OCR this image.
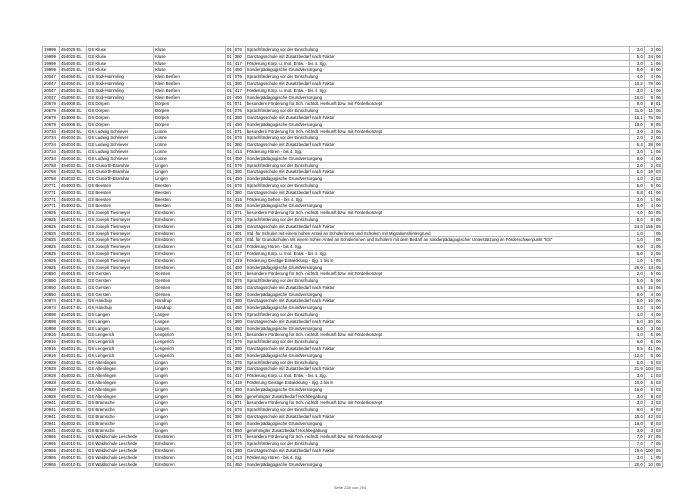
19999	454025 EL	GS Kluse	Kluse	01	076	Sprachförderung vor der Einschulung	3,0	3	06
19999	454025 EL	GS Kluse	Kluse	01	380	Ganztagsschule mit Zusatzbedarf nach Faktor	5,0	34	06
19999	454025 EL	GS Kluse	Kluse	01	417	Förderung Körp. u. mot. Entw. - bis 4. Sjg.	3,0	1	06
19999	454025 EL	GS Kluse	Kluse	01	450	Sonderpädagogische Grundversorgung	8,0	8	06
20047	454050 EL	GS Süd-Hümmling	Klein Berßen	01	076	Sprachförderung vor der Einschulung	4,0	4	06
20047	454050 EL	GS Süd-Hümmling	Klein Berßen	01	380	Ganztagsschule mit Zusatzbedarf nach Faktor	10,2	79	06
20047	454050 EL	GS Süd-Hümmling	Klein Berßen	01	417	Förderung Körp. u. mot. Entw. - bis 4. Sjg.	3,0	1	06
20047	454050 EL	GS Süd-Hümmling	Klein Berßen	01	450	Sonderpädagogische Grundversorgung	16,0	8	06
20679	454008 EL	GS Dörpen	Dörpen	01	071	besondere Förderung für Sch. nichtdt. Herkunft bzw. mit Förderkonzept	9,0	9	01
20679	454008 EL	GS Dörpen	Dörpen	01	076	Sprachförderung vor der Einschulung	11,0	11	05
20679	454008 EL	GS Dörpen	Dörpen	01	380	Ganztagsschule mit Zusatzbedarf nach Faktor	15,1	75	05
20679	454008 EL	GS Dörpen	Dörpen	01	450	Sonderpädagogische Grundversorgung	18,0	9	05
20734	454034 EL	GS Ludwig Schriever	Lünne	01	071	besondere Förderung für Sch. nichtdt. Herkunft bzw. mit Förderkonzept	3,0	3	06
20734	454034 EL	GS Ludwig Schriever	Lünne	01	076	Sprachförderung vor der Einschulung	2,0	2	06
20734	454034 EL	GS Ludwig Schriever	Lünne	01	380	Ganztagsschule mit Zusatzbedarf nach Faktor	6,4	38	06
20734	454034 EL	GS Ludwig Schriever	Lünne	01	413	Förderung Hören - bis 4. Sjg.	3,0	1	05
20734	454034 EL	GS Ludwig Schriever	Lünne	01	450	Sonderpädagogische Grundversorgung	8,0	4	06
20758	454032 EL	GS Clusorth-Bramhar	Lingen	01	076	Sprachförderung vor der Einschulung	2,0	2	03
20758	454032 EL	GS Clusorth-Bramhar	Lingen	01	380	Ganztagsschule mit Zusatzbedarf nach Faktor	5,0	19	03
20758	454032 EL	GS Clusorth-Bramhar	Lingen	01	450	Sonderpädagogische Grundversorgung	4,0	2	03
20771	454003 EL	GS Beesten	Beesten	01	076	Sprachförderung vor der Einschulung	5,0	5	06
20771	454003 EL	GS Beesten	Beesten	01	380	Ganztagsschule mit Zusatzbedarf nach Faktor	6,8	41	06
20771	454003 EL	GS Beesten	Beesten	01	415	Förderung Sehen - bis 4. Sjg.	3,0	1	06
20771	454003 EL	GS Beesten	Beesten	01	450	Sonderpädagogische Grundversorgung	6,0	4	06
20825	454010 EL	GS Joseph Tiesmeyer	Emsbüren	01	071	besondere Förderung für Sch. nichtdt. Herkunft bzw. mit Förderkonzept	4,0	40	05
20825	454010 EL	GS Joseph Tiesmeyer	Emsbüren	01	076	Sprachförderung vor der Einschulung	8,0	8	05
20825	454010 EL	GS Joseph Tiesmeyer	Emsbüren	01	380	Ganztagsschule mit Zusatzbedarf nach Faktor	24,5	155	05
20825	454010 EL	GS Joseph Tiesmeyer	Emsbüren	01	401	Std. für Schulen mit einem hohen Anteil an Schülerinnen und Schülern mit Migrationshintergrund	1,0		05
20825	454010 EL	GS Joseph Tiesmeyer	Emsbüren	01	403	Std. für Grundschulen mit einem hohen Anteil an Schülerinnen und Schülern mit dem Bedarf an sonderpädagogischer Unterstützung im Förderschwerpunkt "ES"	1,0		05
20825	454010 EL	GS Joseph Tiesmeyer	Emsbüren	01	413	Förderung Hören - bis 4. Sjg.	9,0	3	05
20825	454010 EL	GS Joseph Tiesmeyer	Emsbüren	01	417	Förderung Körp. u. mot. Entw. - bis 4. Sjg.	5,0	2	05
20825	454010 EL	GS Joseph Tiesmeyer	Emsbüren	01	419	Förderung Geistige Entwicklung - Sjg. 1 bis 8	1,0	1	05
20825	454010 EL	GS Joseph Tiesmeyer	Emsbüren	01	450	Sonderpädagogische Grundversorgung	26,0	13	05
20850	454015 EL	GS Gersten	Gersten	01	071	besondere Förderung für Sch. nichtdt. Herkunft bzw. mit Förderkonzept	2,0	5	06
20850	454015 EL	GS Gersten	Gersten	01	076	Sprachförderung vor der Einschulung	5,0	5	06
20850	454015 EL	GS Gersten	Gersten	01	380	Ganztagsschule mit Zusatzbedarf nach Faktor	5,5	15	06
20850	454015 EL	GS Gersten	Gersten	01	450	Sonderpädagogische Grundversorgung	8,0	4	06
20874	454017 EL	GS Handrup	Handrup	01	380	Ganztagsschule mit Zusatzbedarf nach Faktor	5,0	16	06
20874	454017 EL	GS Handrup	Handrup	01	450	Sonderpädagogische Grundversorgung	8,0	4	06
20898	454026 EL	GS Langen	Langen	01	076	Sprachförderung vor der Einschulung	4,0	4	06
20898	454026 EL	GS Langen	Langen	01	380	Ganztagsschule mit Zusatzbedarf nach Faktor	5,0	20	06
20898	454026 EL	GS Langen	Langen	01	450	Sonderpädagogische Grundversorgung	6,0	3	06
20916	454031 EL	GS Lengerich	Lengerich	01	071	besondere Förderung für Sch. nichtdt. Herkunft bzw. mit Förderkonzept	4,0	6	06
20916	454031 EL	GS Lengerich	Lengerich	01	076	Sprachförderung vor der Einschulung	6,0	6	06
20916	454031 EL	GS Lengerich	Lengerich	01	380	Ganztagsschule mit Zusatzbedarf nach Faktor	8,5	41	06
20916	454031 EL	GS Lengerich	Lengerich	01	450	Sonderpädagogische Grundversorgung	12,0	6	06
20928	454032 EL	GS Altenlingen	Lingen	01	076	Sprachförderung vor der Einschulung	5,0	5	03
20928	454032 EL	GS Altenlingen	Lingen	01	380	Ganztagsschule mit Zusatzbedarf nach Faktor	21,9	104	03
20928	454032 EL	GS Altenlingen	Lingen	01	417	Förderung Körp. u. mot. Entw. - bis 4. Sjg.	3,0	1	03
20928	454032 EL	GS Altenlingen	Lingen	01	419	Förderung Geistige Entwicklung - Sjg. 1 bis 8	10,0	5	03
20928	454032 EL	GS Altenlingen	Lingen	01	450	Sonderpädagogische Grundversorgung	16,0	8	03
20928	454032 EL	GS Altenlingen	Lingen	01	950	genehmigter Zusatzbedarf Hochbegabung	3,0	8	03
20941	454032 EL	GS Bramsche	Lingen	01	071	besondere Förderung für Sch. nichtdt. Herkunft bzw. mit Förderkonzept	3,0	3	03
20941	454032 EL	GS Bramsche	Lingen	01	076	Sprachförderung vor der Einschulung	8,0	8	03
20941	454032 EL	GS Bramsche	Lingen	01	380	Ganztagsschule mit Zusatzbedarf nach Faktor	10,0	42	03
20941	454032 EL	GS Bramsche	Lingen	01	450	Sonderpädagogische Grundversorgung	16,0	8	03
20941	454032 EL	GS Bramsche	Lingen	01	950	genehmigter Zusatzbedarf Hochbegabung	3,0	3	03
20965	454010 EL	GS Waldschule Leschede	Emsbüren	01	071	besondere Förderung für Sch. nichtdt. Herkunft bzw. mit Förderkonzept	7,0	27	05
20965	454010 EL	GS Waldschule Leschede	Emsbüren	01	076	Sprachförderung vor der Einschulung	7,0	7	05
20965	454010 EL	GS Waldschule Leschede	Emsbüren	01	380	Ganztagsschule mit Zusatzbedarf nach Faktor	19,6	100	05
20965	454010 EL	GS Waldschule Leschede	Emsbüren	01	413	Förderung Hören - bis 4. Sjg.	3,0	1	05
20965	454010 EL	GS Waldschule Leschede	Emsbüren	01	450	Sonderpädagogische Grundversorgung	20,0	10	05
Seite 228 von 294
